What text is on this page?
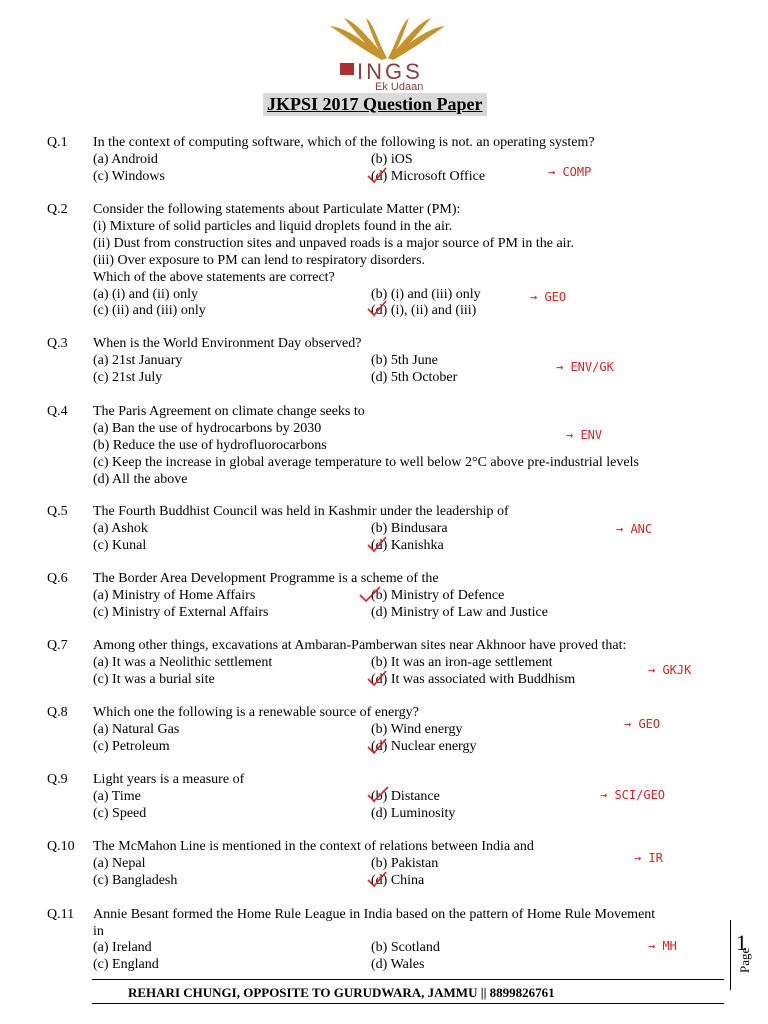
INGS
Ek Udaan
JKPSI 2017 Question Paper
Q.1 In the context of computing software, which of the following is not. an operating system?
(a) Android	(b) iOS
(c) Windows	(d) Microsoft Office	→ COMP
Q.2 Consider the following statements about Particulate Matter (PM):
(i) Mixture of solid particles and liquid droplets found in the air.
(ii) Dust from construction sites and unpaved roads is a major source of PM in the air.
(iii) Over exposure to PM can lend to respiratory disorders.
Which of the above statements are correct?
(a) (i) and (ii) only	(b) (i) and (iii) only
(c) (ii) and (iii) only	(d) (i), (ii) and (iii)
→ GEO
Q.3 When is the World Environment Day observed?
(a) 21st January	(b) 5th June
(c) 21st July	(d) 5th October
→ ENV/GK
Q.4 The Paris Agreement on climate change seeks to
(a) Ban the use of hydrocarbons by 2030
(b) Reduce the use of hydrofluorocarbons
(c) Keep the increase in global average temperature to well below 2°C above pre-industrial levels
(d) All the above
→ ENV
Q.5 The Fourth Buddhist Council was held in Kashmir under the leadership of
(a) Ashok	(b) Bindusara
(c) Kunal	(d) Kanishka
→ ANC
Q.6 The Border Area Development Programme is a scheme of the
(a) Ministry of Home Affairs	(b) Ministry of Defence
(c) Ministry of External Affairs	(d) Ministry of Law and Justice
Q.7 Among other things, excavations at Ambaran-Pamberwan sites near Akhnoor have proved that:
(a) It was a Neolithic settlement	(b) It was an iron-age settlement
(c) It was a burial site	(d) It was associated with Buddhism
→ GKJK
Q.8 Which one the following is a renewable source of energy?
(a) Natural Gas	(b) Wind energy
(c) Petroleum	(d) Nuclear energy
→ GEO
Q.9 Light years is a measure of
(a) Time	(b) Distance
(c) Speed	(d) Luminosity
→ SCI/GEO
Q.10 The McMahon Line is mentioned in the context of relations between India and
(a) Nepal	(b) Pakistan
(c) Bangladesh	(d) China
→ IR
Q.11 Annie Besant formed the Home Rule League in India based on the pattern of Home Rule Movement
in
(a) Ireland	(b) Scotland
(c) England	(d) Wales
→ MH	1
Page
REHARI CHUNGI, OPPOSITE TO GURUDWARA, JAMMU || 8899826761
